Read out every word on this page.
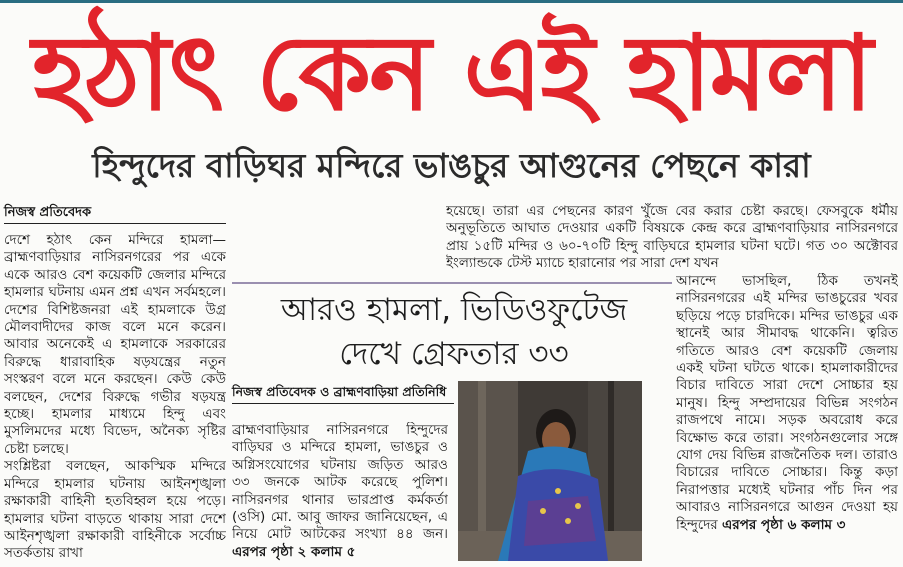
হঠাৎ কেন এই হামলা
হিন্দুদের বাড়িঘর মন্দিরে ভাঙচুর আগুনের পেছনে কারা
নিজস্ব প্রতিবেদক

দেশে হঠাৎ কেন মন্দিরে হামলা— ব্রাহ্মণবাড়িয়ার নাসিরনগরের পর একে একে আরও বেশ কয়েকটি জেলার মন্দিরে হামলার ঘটনায় এমন প্রশ্ন এখন সর্বমহলে। দেশের বিশিষ্টজনরা এই হামলাকে উগ্র মৌলবাদীদের কাজ বলে মনে করেন। আবার অনেকেই এ হামলাকে সরকারের বিরুদ্ধে ধারাবাহিক ষড়যন্ত্রের নতুন সংস্করণ বলে মনে করছেন। কেউ কেউ বলছেন, দেশের বিরুদ্ধে গভীর ষড়যন্ত্র হচ্ছে। হামলার মাধ্যমে হিন্দু এবং মুসলিমদের মধ্যে বিভেদ, অনৈক্য সৃষ্টির চেষ্টা চলছে।

সংশ্লিষ্টরা বলছেন, আকস্মিক মন্দিরে মন্দিরে হামলার ঘটনায় আইনশৃঙ্খলা রক্ষাকারী বাহিনী হতবিহ্বল হয়ে পড়ে। হামলার ঘটনা বাড়তে থাকায় সারা দেশে আইনশৃঙ্খলা রক্ষাকারী বাহিনীকে সর্বোচ্চ সতর্কতায় রাখা

হয়েছে। তারা এর পেছনের কারণ খুঁজে বের করার চেষ্টা করছে। ফেসবুকে ধর্মীয় অনুভূতিতে আঘাত দেওয়ার একটি বিষয়কে কেন্দ্র করে ব্রাহ্মণবাড়িয়ার নাসিরনগরে প্রায় ১৫টি মন্দির ও ৬০-৭০টি হিন্দু বাড়িঘরে হামলার ঘটনা ঘটে। গত ৩০ অক্টোবর ইংল্যান্ডকে টেস্ট ম্যাচে হারানোর পর সারা দেশ যখন
আরও হামলা, ভিডিওফুটেজ
দেখে গ্রেফতার ৩৩
নিজস্ব প্রতিবেদক ও ব্রাহ্মণবাড়িয়া প্রতিনিধি
ব্রাহ্মণবাড়িয়ার নাসিরনগরে হিন্দুদের বাড়িঘর ও মন্দিরে হামলা, ভাঙচুর ও অগ্নিসংযোগের ঘটনায় জড়িত আরও ৩৩ জনকে আটক করেছে পুলিশ। নাসিরনগর থানার ভারপ্রাপ্ত কর্মকর্তা (ওসি) মো. আবু জাফর জানিয়েছেন, এ নিয়ে মোট আটকের সংখ্যা ৪৪ জন। এরপর পৃষ্ঠা ২ কলাম ৫
আনন্দে ভাসছিল, ঠিক তখনই নাসিরনগরের এই মন্দির ভাঙচুরের খবর ছড়িয়ে পড়ে চারদিকে। মন্দির ভাঙচুর এক স্থানেই আর সীমাবদ্ধ থাকেনি। ত্বরিত গতিতে আরও বেশ কয়েকটি জেলায় একই ঘটনা ঘটতে থাকে। হামলাকারীদের বিচার দাবিতে সারা দেশে সোচ্চার হয় মানুষ। হিন্দু সম্প্রদায়ের বিভিন্ন সংগঠন রাজপথে নামে। সড়ক অবরোধ করে বিক্ষোভ করে তারা। সংগঠনগুলোর সঙ্গে যোগ দেয় বিভিন্ন রাজনৈতিক দল। তারাও বিচারের দাবিতে সোচ্চার। কিন্তু কড়া নিরাপত্তার মধ্যেই ঘটনার পাঁচ দিন পর আবারও নাসিরনগরে আগুন দেওয়া হয় হিন্দুদের এরপর পৃষ্ঠা ৬ কলাম ৩
